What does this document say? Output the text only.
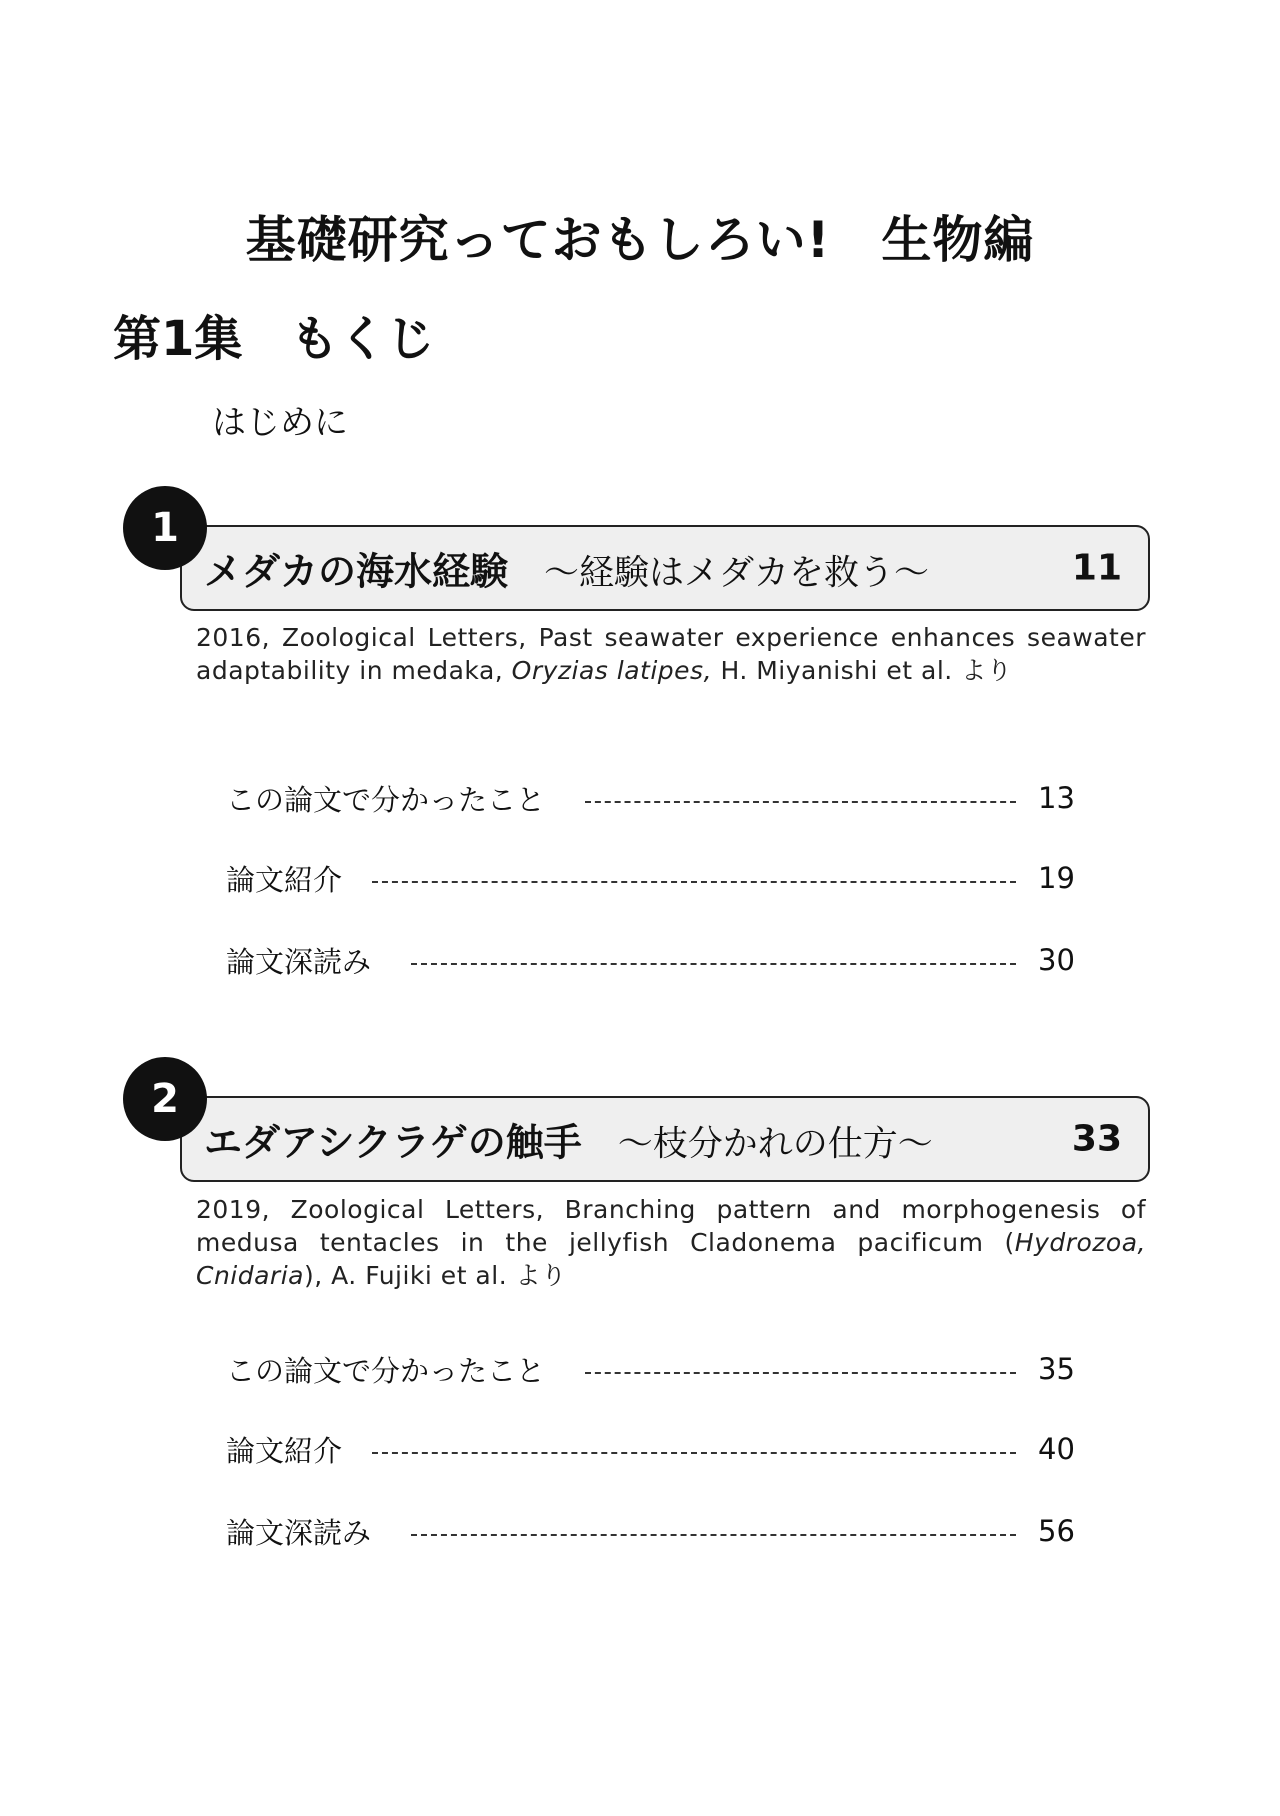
基礎研究っておもしろい!　生物編
第1集　もくじ
はじめに
メダカの海水経験 ～経験はメダカを救う～	11
1
2016, Zoological Letters, Past seawater experience enhances seawater adaptability in medaka, Oryzias latipes, H. Miyanishi et al. より
この論文で分かったこと	13
論文紹介	19
論文深読み	30
エダアシクラゲの触手 ～枝分かれの仕方～	33
2
2019, Zoological Letters, Branching pattern and morphogenesis of medusa tentacles in the jellyfish Cladonema pacificum (Hydrozoa, Cnidaria), A. Fujiki et al. より
この論文で分かったこと	35
論文紹介	40
論文深読み	56
